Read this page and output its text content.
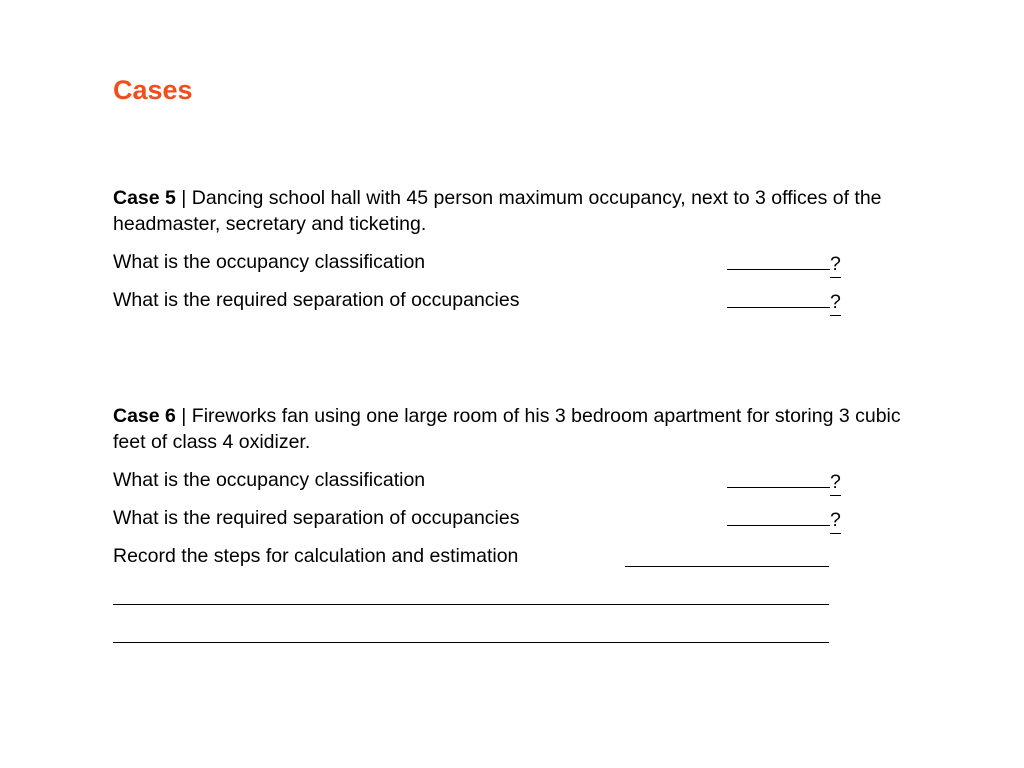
Cases
Case 5 | Dancing school hall with 45 person maximum occupancy, next to 3 offices of the headmaster, secretary and ticketing.
What is the occupancy classification	?
What is the required separation of occupancies	?
Case 6 | Fireworks fan using one large room of his 3 bedroom apartment for storing 3 cubic feet of class 4 oxidizer.
What is the occupancy classification	?
What is the required separation of occupancies	?
Record the steps for calculation and estimation
